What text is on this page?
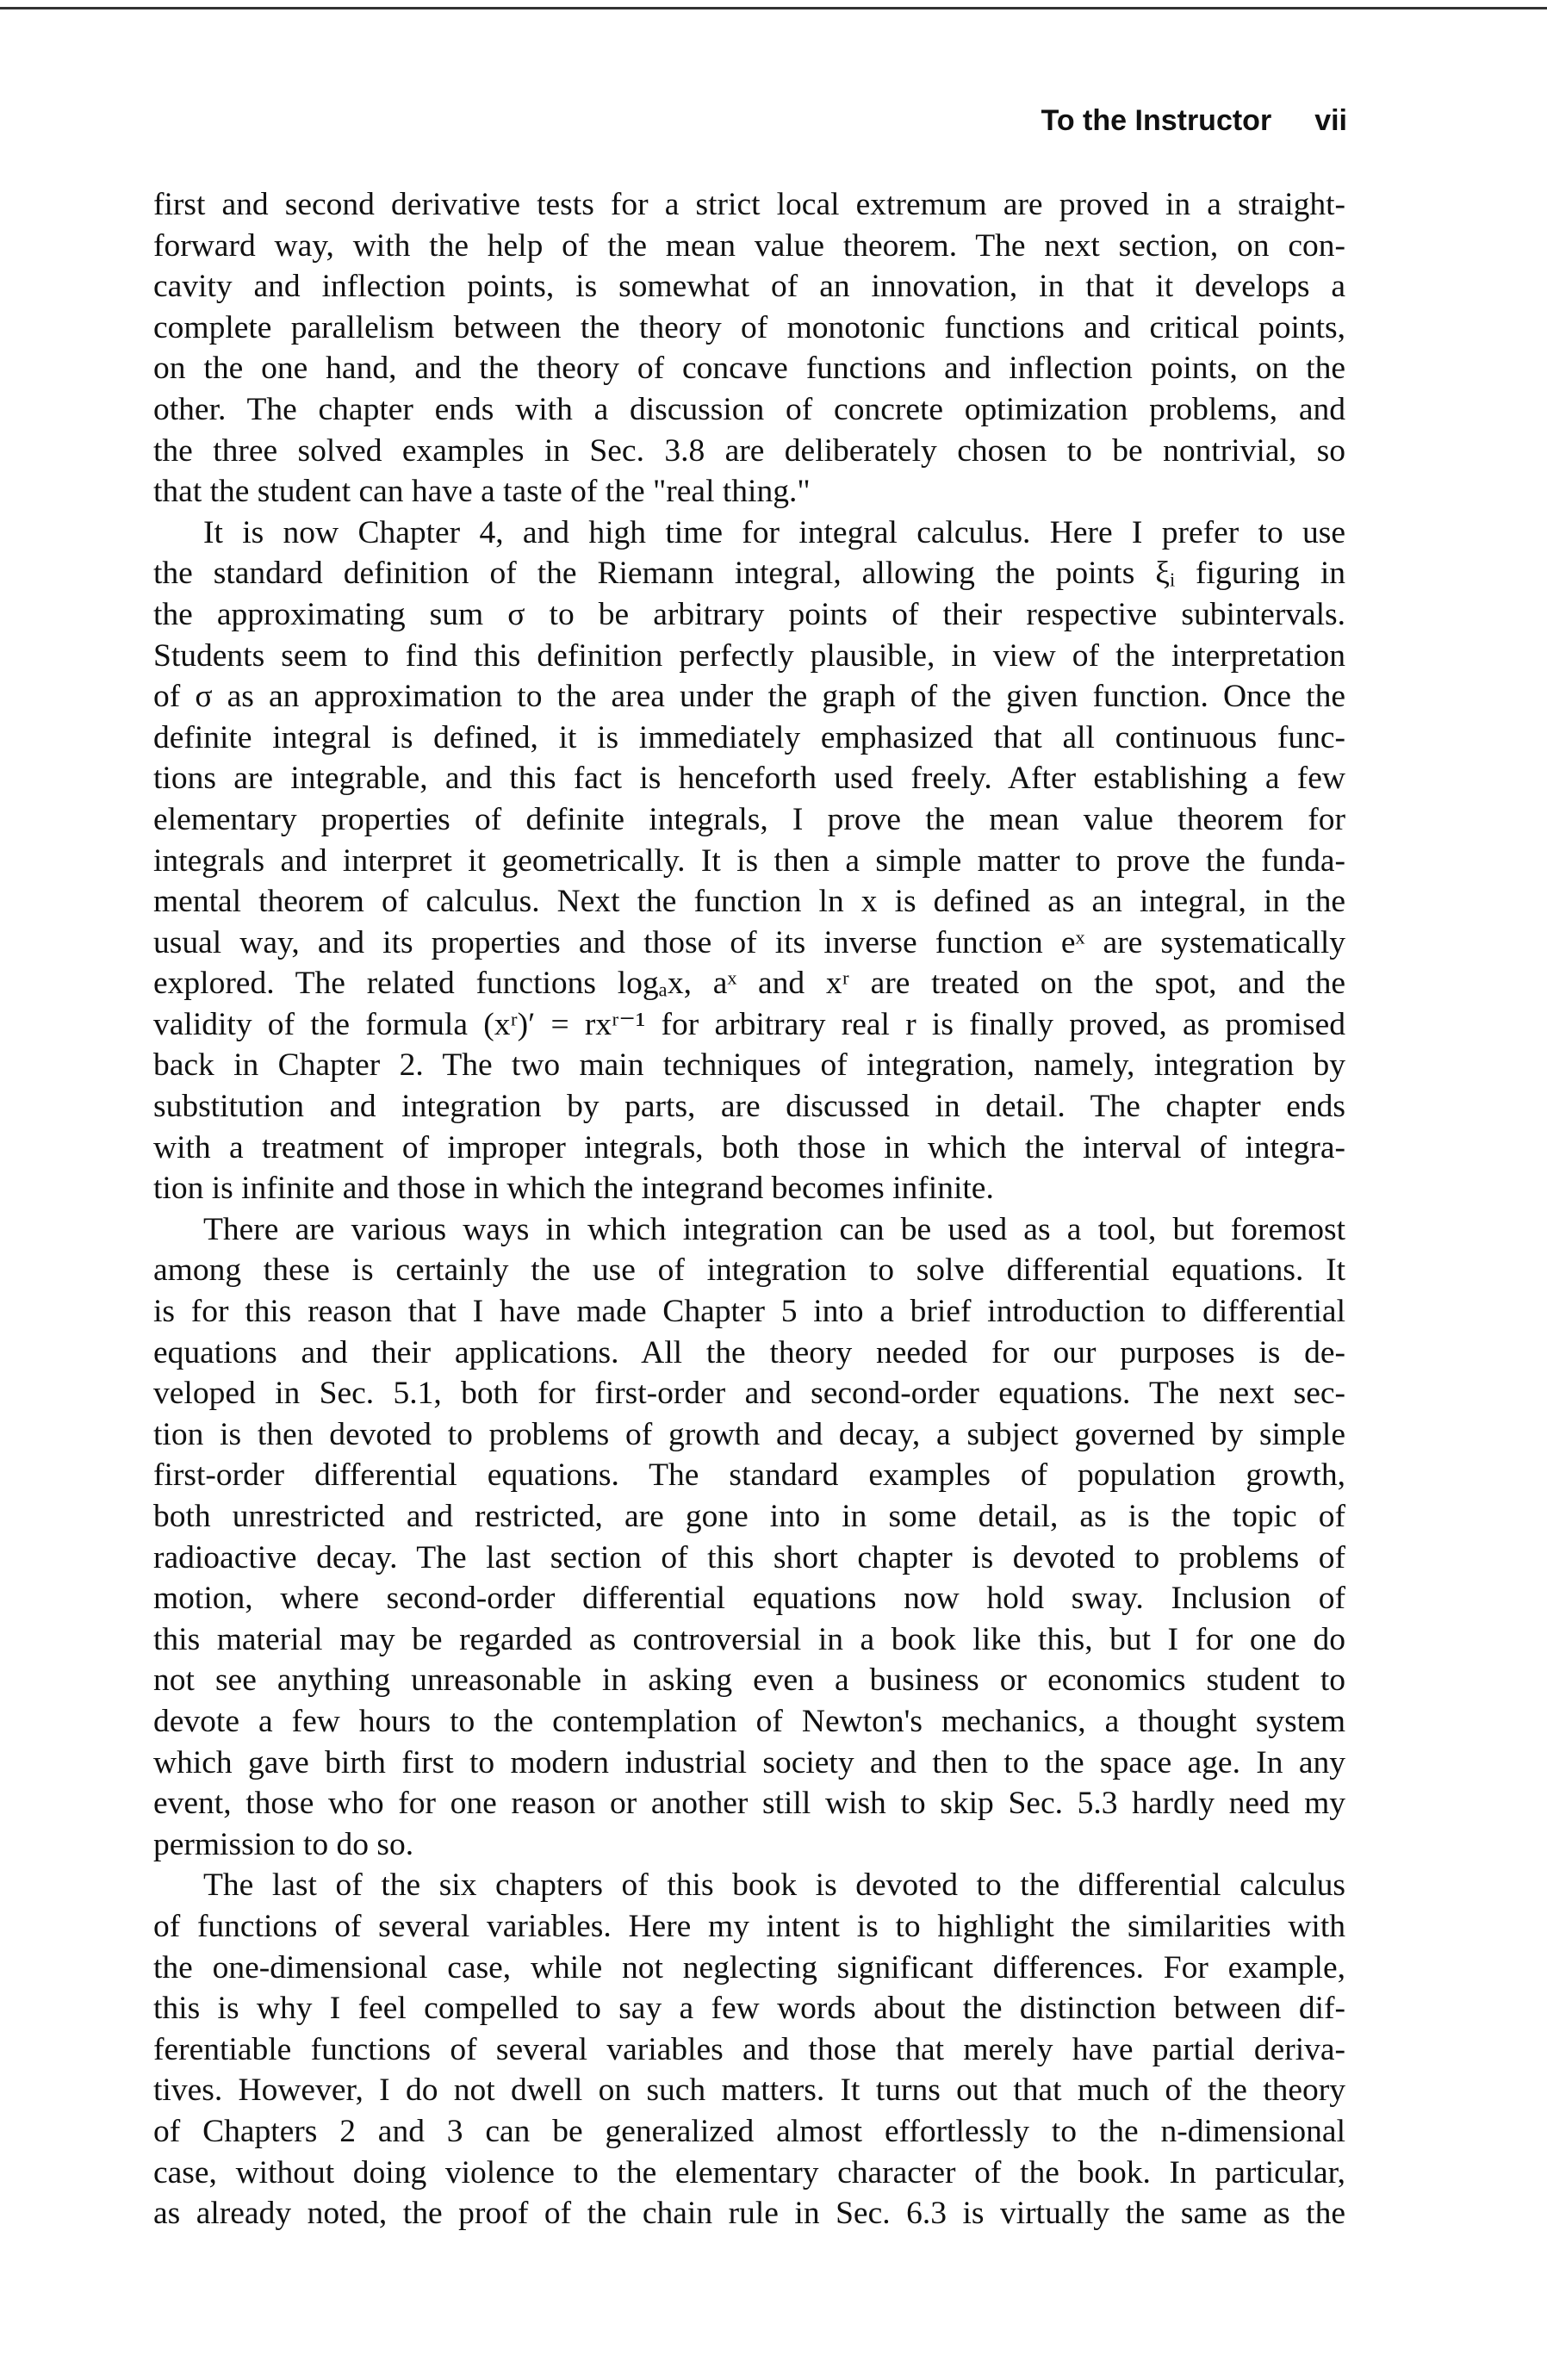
To the Instructor vii
first and second derivative tests for a strict local extremum are proved in a straight-
forward way, with the help of the mean value theorem. The next section, on con-
cavity and inflection points, is somewhat of an innovation, in that it develops a
complete parallelism between the theory of monotonic functions and critical points,
on the one hand, and the theory of concave functions and inflection points, on the
other. The chapter ends with a discussion of concrete optimization problems, and
the three solved examples in Sec. 3.8 are deliberately chosen to be nontrivial, so
that the student can have a taste of the "real thing."
It is now Chapter 4, and high time for integral calculus. Here I prefer to use
the standard definition of the Riemann integral, allowing the points ξᵢ figuring in
the approximating sum σ to be arbitrary points of their respective subintervals.
Students seem to find this definition perfectly plausible, in view of the interpretation
of σ as an approximation to the area under the graph of the given function. Once the
definite integral is defined, it is immediately emphasized that all continuous func-
tions are integrable, and this fact is henceforth used freely. After establishing a few
elementary properties of definite integrals, I prove the mean value theorem for
integrals and interpret it geometrically. It is then a simple matter to prove the funda-
mental theorem of calculus. Next the function ln x is defined as an integral, in the
usual way, and its properties and those of its inverse function eˣ are systematically
explored. The related functions logₐx, aˣ and xʳ are treated on the spot, and the
validity of the formula (xʳ)′ = rxʳ⁻¹ for arbitrary real r is finally proved, as promised
back in Chapter 2. The two main techniques of integration, namely, integration by
substitution and integration by parts, are discussed in detail. The chapter ends
with a treatment of improper integrals, both those in which the interval of integra-
tion is infinite and those in which the integrand becomes infinite.
There are various ways in which integration can be used as a tool, but foremost
among these is certainly the use of integration to solve differential equations. It
is for this reason that I have made Chapter 5 into a brief introduction to differential
equations and their applications. All the theory needed for our purposes is de-
veloped in Sec. 5.1, both for first-order and second-order equations. The next sec-
tion is then devoted to problems of growth and decay, a subject governed by simple
first-order differential equations. The standard examples of population growth,
both unrestricted and restricted, are gone into in some detail, as is the topic of
radioactive decay. The last section of this short chapter is devoted to problems of
motion, where second-order differential equations now hold sway. Inclusion of
this material may be regarded as controversial in a book like this, but I for one do
not see anything unreasonable in asking even a business or economics student to
devote a few hours to the contemplation of Newton's mechanics, a thought system
which gave birth first to modern industrial society and then to the space age. In any
event, those who for one reason or another still wish to skip Sec. 5.3 hardly need my
permission to do so.
The last of the six chapters of this book is devoted to the differential calculus
of functions of several variables. Here my intent is to highlight the similarities with
the one-dimensional case, while not neglecting significant differences. For example,
this is why I feel compelled to say a few words about the distinction between dif-
ferentiable functions of several variables and those that merely have partial deriva-
tives. However, I do not dwell on such matters. It turns out that much of the theory
of Chapters 2 and 3 can be generalized almost effortlessly to the n-dimensional
case, without doing violence to the elementary character of the book. In particular,
as already noted, the proof of the chain rule in Sec. 6.3 is virtually the same as the
